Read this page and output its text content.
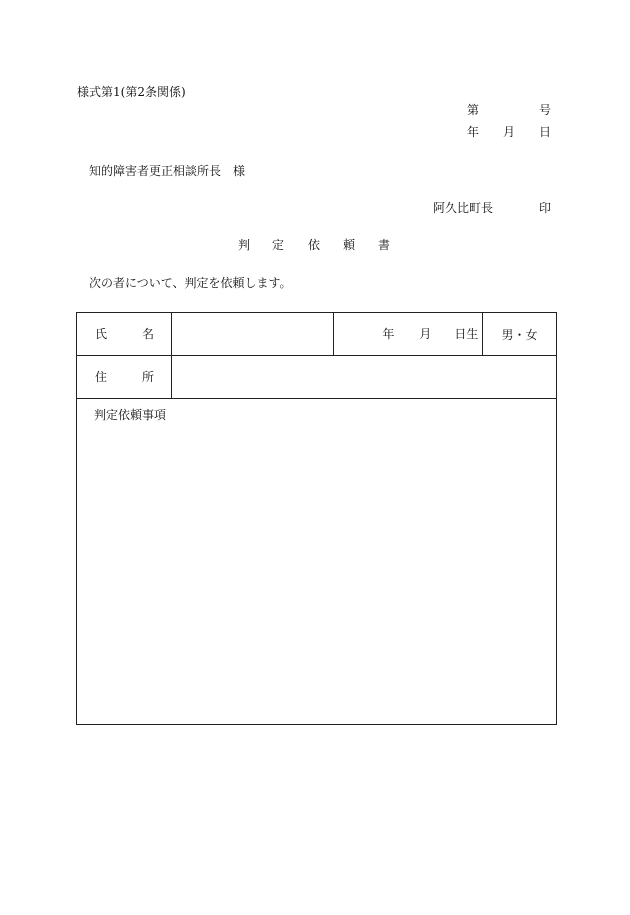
様式第1(第2条関係)
第	号
年 月 日
知的障害者更正相談所長　様
阿久比町長	印
判 定 依 頼 書
次の者について、判定を依頼します。
氏 名		年 月 日生	男・女

住 所			

判定依頼事項			
